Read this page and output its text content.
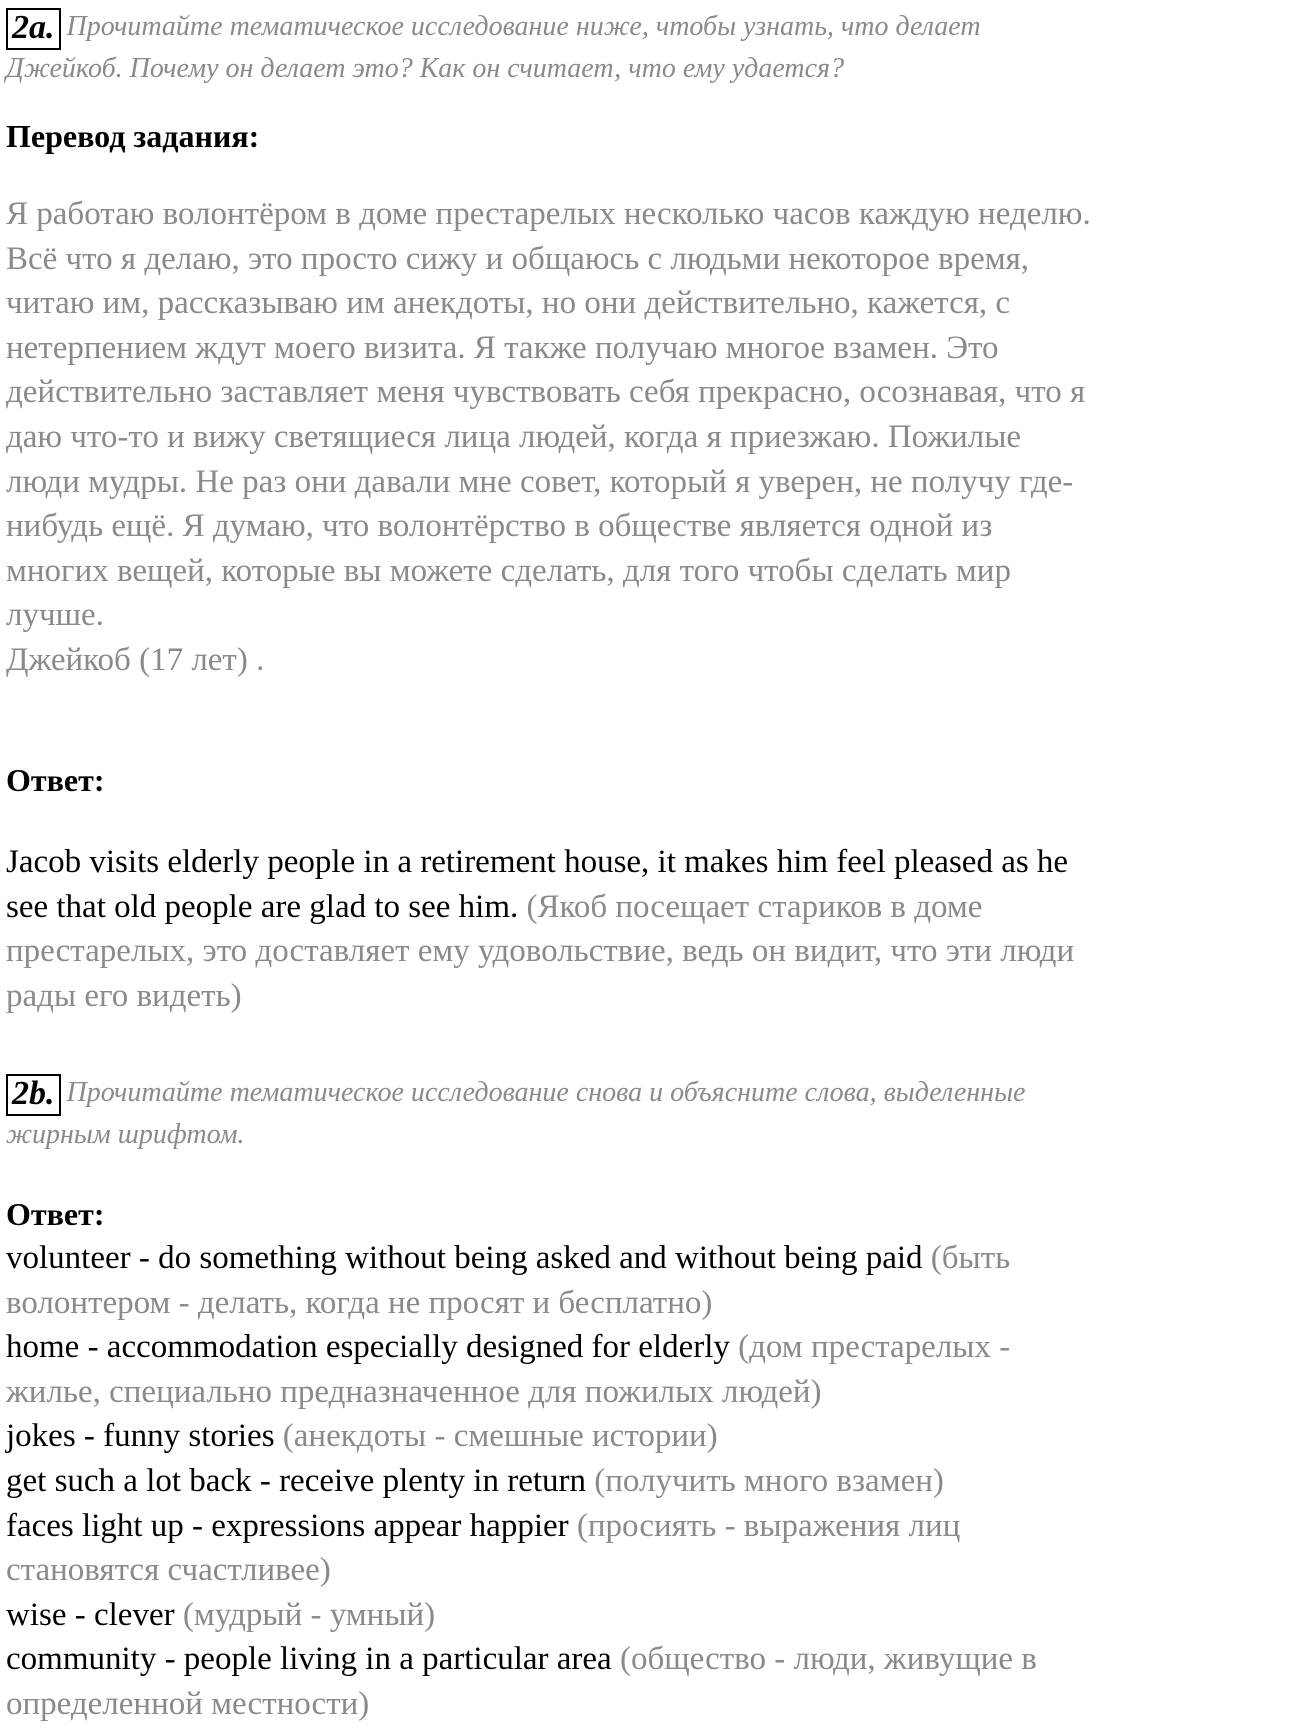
2a. Прочитайте тематическое исследование ниже, чтобы узнать, что делает
Джейкоб. Почему он делает это? Как он считает, что ему удается?
Перевод задания:
Я работаю волонтёром в доме престарелых несколько часов каждую неделю.
Всё что я делаю, это просто сижу и общаюсь с людьми некоторое время,
читаю им, рассказываю им анекдоты, но они действительно, кажется, с
нетерпением ждут моего визита. Я также получаю многое взамен. Это
действительно заставляет меня чувствовать себя прекрасно, осознавая, что я
даю что-то и вижу светящиеся лица людей, когда я приезжаю. Пожилые
люди мудры. Не раз они давали мне совет, который я уверен, не получу где-
нибудь ещё. Я думаю, что волонтёрство в обществе является одной из
многих вещей, которые вы можете сделать, для того чтобы сделать мир
лучше.
Джейкоб (17 лет) .
Ответ:
Jacob visits elderly people in a retirement house, it makes him feel pleased as he
see that old people are glad to see him. (Якоб посещает стариков в доме
престарелых, это доставляет ему удовольствие, ведь он видит, что эти люди
рады его видеть)
2b. Прочитайте тематическое исследование снова и объясните слова, выделенные
жирным шрифтом.
Ответ:
volunteer - do something without being asked and without being paid (быть
волонтером - делать, когда не просят и бесплатно)
home - accommodation especially designed for elderly (дом престарелых -
жилье, специально предназначенное для пожилых людей)
jokes - funny stories (анекдоты - смешные истории)
get such a lot back - receive plenty in return (получить много взамен)
faces light up - expressions appear happier (просиять - выражения лиц
становятся счастливее)
wise - clever (мудрый - умный)
community - people living in a particular area (общество - люди, живущие в
определенной местности)
